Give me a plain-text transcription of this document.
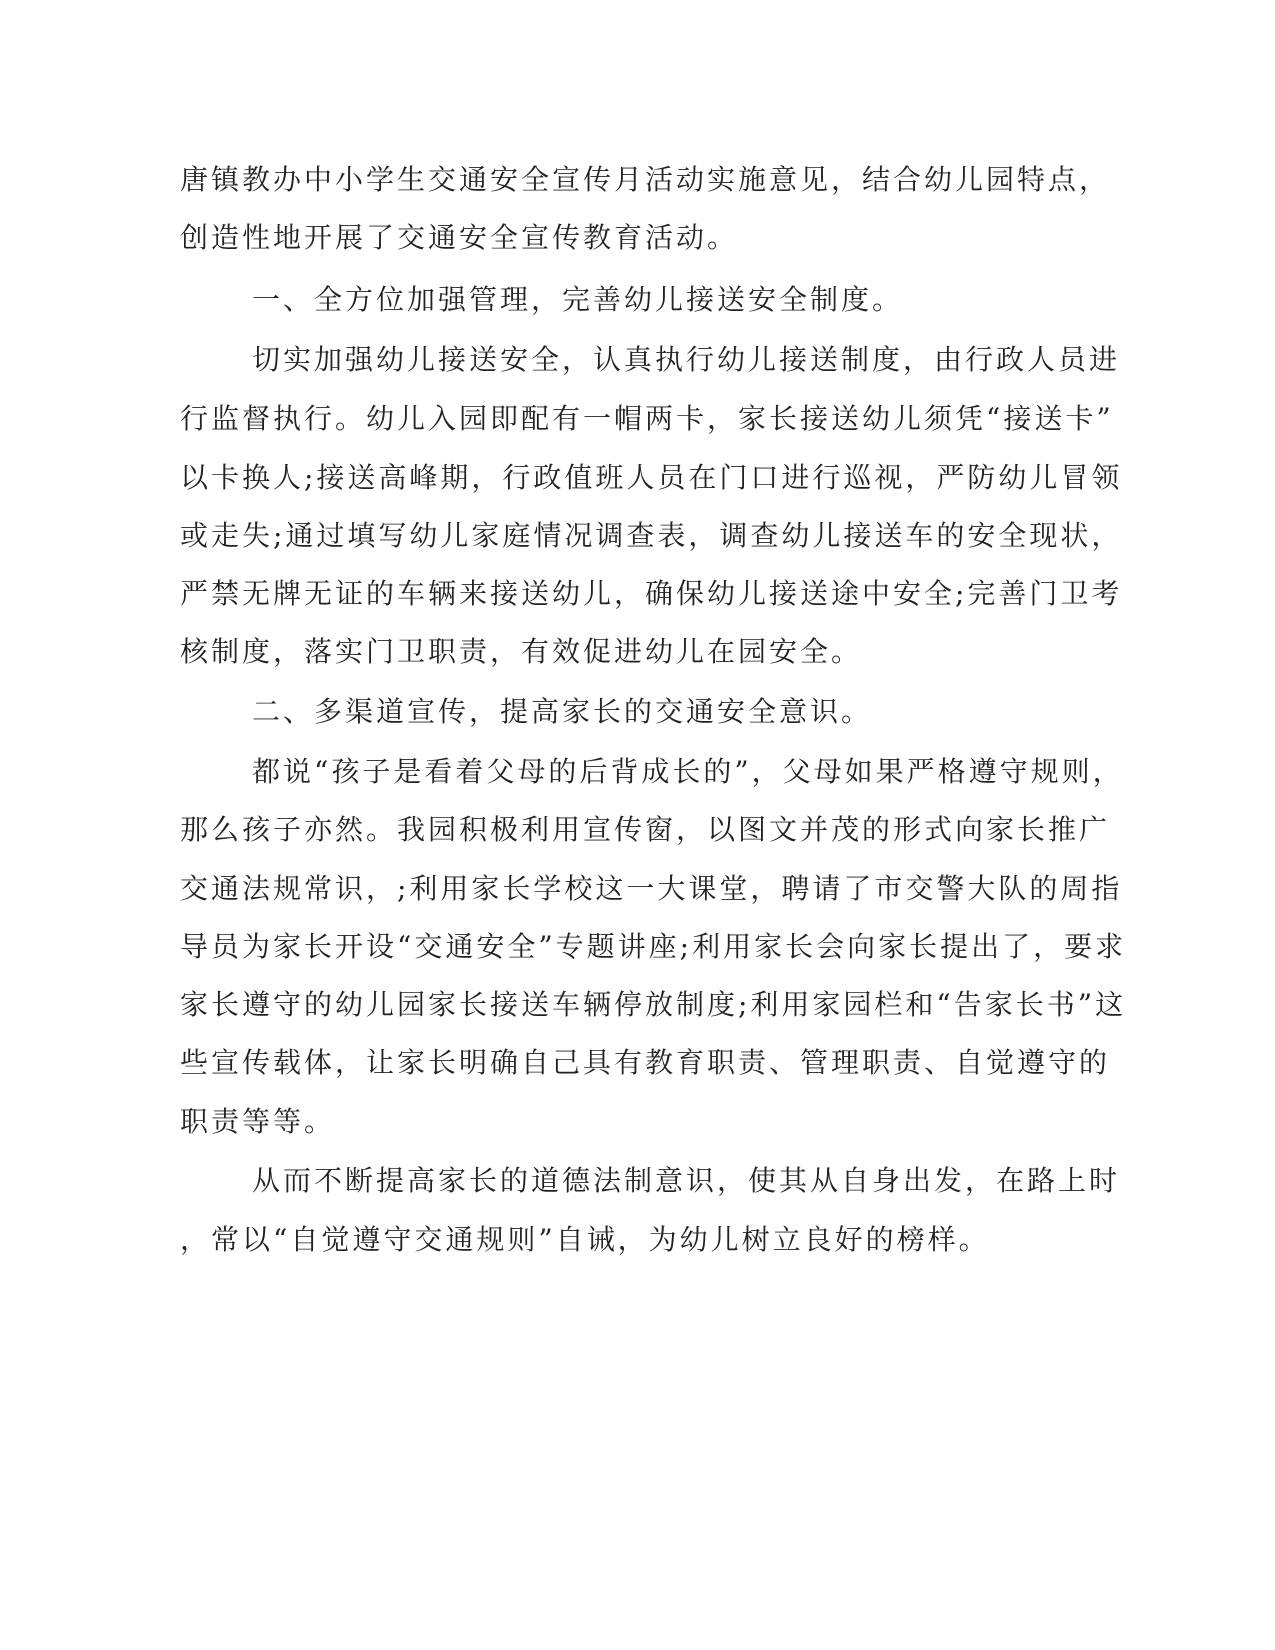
唐镇教办中小学生交通安全宣传月活动实施意见，结合幼儿园特点，
创造性地开展了交通安全宣传教育活动。
一、全方位加强管理，完善幼儿接送安全制度。
切实加强幼儿接送安全，认真执行幼儿接送制度，由行政人员进
行监督执行。幼儿入园即配有一帽两卡，家长接送幼儿须凭“接送卡”
以卡换人;接送高峰期，行政值班人员在门口进行巡视，严防幼儿冒领
或走失;通过填写幼儿家庭情况调查表，调查幼儿接送车的安全现状，
严禁无牌无证的车辆来接送幼儿，确保幼儿接送途中安全;完善门卫考
核制度，落实门卫职责，有效促进幼儿在园安全。
二、多渠道宣传，提高家长的交通安全意识。
都说“孩子是看着父母的后背成长的”，父母如果严格遵守规则，
那么孩子亦然。我园积极利用宣传窗，以图文并茂的形式向家长推广
交通法规常识，;利用家长学校这一大课堂，聘请了市交警大队的周指
导员为家长开设“交通安全”专题讲座;利用家长会向家长提出了，要求
家长遵守的幼儿园家长接送车辆停放制度;利用家园栏和“告家长书”这
些宣传载体，让家长明确自己具有教育职责、管理职责、自觉遵守的
职责等等。
从而不断提高家长的道德法制意识，使其从自身出发，在路上时
，常以“自觉遵守交通规则”自诫，为幼儿树立良好的榜样。
